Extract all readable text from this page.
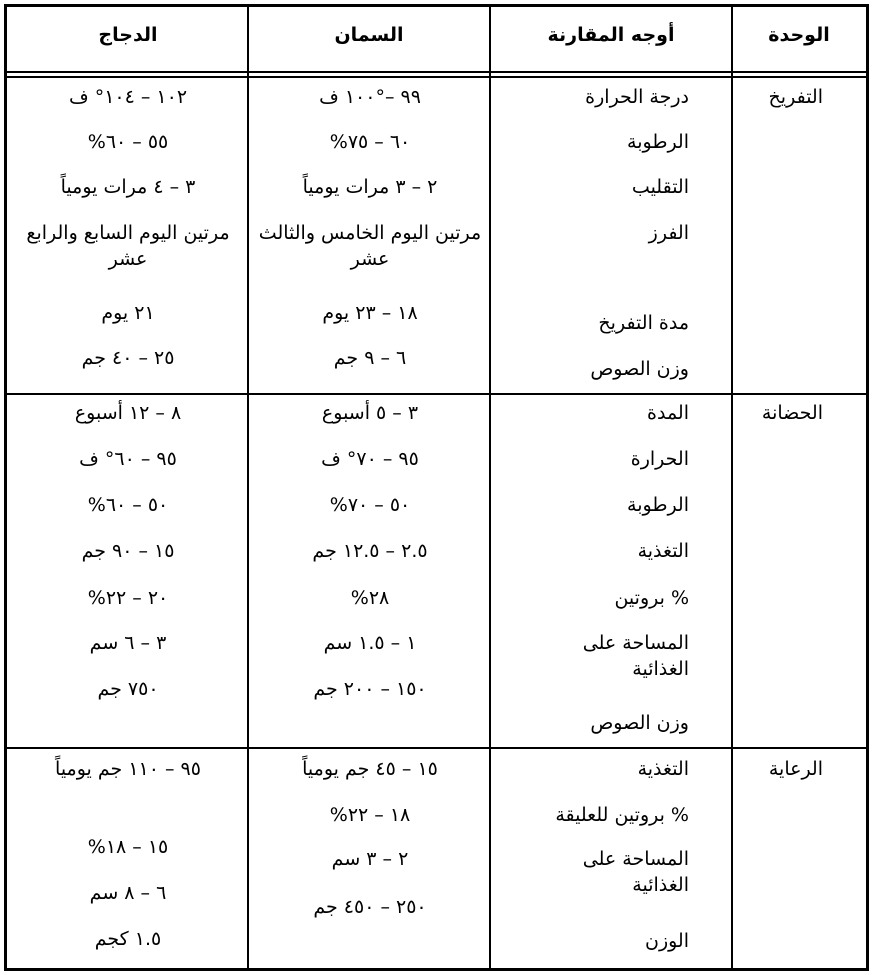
الوحدة
أوجه المقارنة
السمان
الدجاج
التفريخ
درجة الحرارة
٩٩ –°١٠٠ ف
١٠٢ – ١٠٤° ف
الرطوبة
٦٠ – ٧٥%
٥٥ – ٦٠%
التقليب
٢ – ٣ مرات يومياً
٣ – ٤ مرات يومياً
الفرز
مرتين اليوم الخامس والثالث عشر
مرتين اليوم السابع والرابع عشر
مدة التفريخ
١٨ – ٢٣ يوم
٢١ يوم
وزن الصوص
٦ – ٩ جم
٢٥ – ٤٠ جم
الحضانة
المدة
٣ – ٥ أسبوع
٨ – ١٢ أسبوع
الحرارة
٩٥ – ٧٠° ف
٩٥ – ٦٠° ف
الرطوبة
٥٠ – ٧٠%
٥٠ – ٦٠%
التغذية
٢.٥ – ١٢.٥ جم
١٥ – ٩٠ جم
% بروتين
٢٨%
٢٠ – ٢٢%
المساحة على الغذائية
١ – ١.٥ سم
٣ – ٦ سم
وزن الصوص
١٥٠ – ٢٠٠ جم
٧٥٠ جم
الرعاية
التغذية
١٥ – ٤٥ جم يومياً
٩٥ – ١١٠ جم يومياً
% بروتين للعليقة
١٨ – ٢٢%
١٥ – ١٨%
المساحة على الغذائية
٢ – ٣ سم
٦ – ٨ سم
الوزن
٢٥٠ – ٤٥٠ جم
١.٥ كجم
